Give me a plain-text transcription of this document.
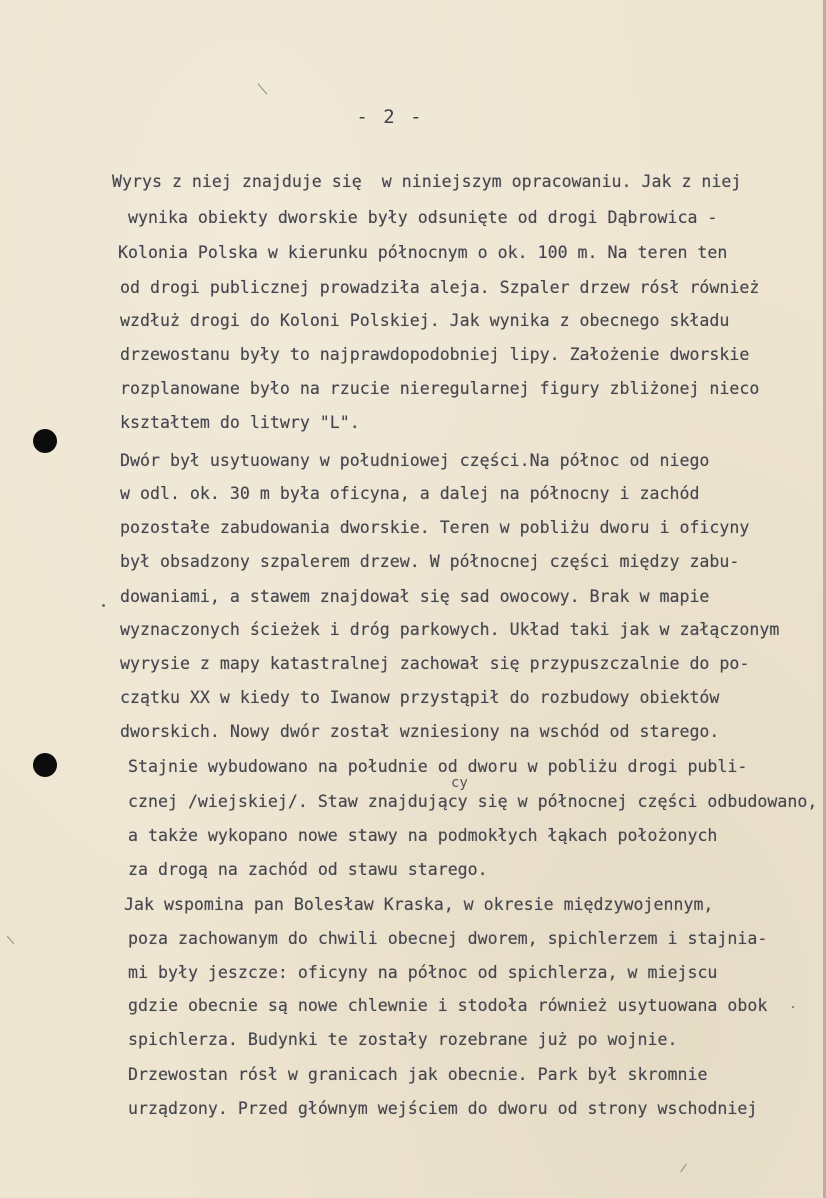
cy
- 2 -
Wyrys z niej znajduje się  w niniejszym opracowaniu. Jak z niej
wynika obiekty dworskie były odsunięte od drogi Dąbrowica -
Kolonia Polska w kierunku północnym o ok. 100 m. Na teren ten
od drogi publicznej prowadziła aleja. Szpaler drzew rósł również
wzdłuż drogi do Koloni Polskiej. Jak wynika z obecnego składu
drzewostanu były to najprawdopodobniej lipy. Założenie dworskie
rozplanowane było na rzucie nieregularnej figury zbliżonej nieco
kształtem do litwry "L".
Dwór był usytuowany w południowej części.Na północ od niego
w odl. ok. 30 m była oficyna, a dalej na północny i zachód
pozostałe zabudowania dworskie. Teren w pobliżu dworu i oficyny
był obsadzony szpalerem drzew. W północnej części między zabu-
dowaniami, a stawem znajdował się sad owocowy. Brak w mapie
wyznaczonych ścieżek i dróg parkowych. Układ taki jak w załączonym
wyrysie z mapy katastralnej zachował się przypuszczalnie do po-
czątku XX w kiedy to Iwanow przystąpił do rozbudowy obiektów
dworskich. Nowy dwór został wzniesiony na wschód od starego.
Stajnie wybudowano na południe od dworu w pobliżu drogi publi-
cznej /wiejskiej/. Staw znajdujący się w północnej części odbudowano,
a także wykopano nowe stawy na podmokłych łąkach położonych
za drogą na zachód od stawu starego.
Jak wspomina pan Bolesław Kraska, w okresie międzywojennym,
poza zachowanym do chwili obecnej dworem, spichlerzem i stajnia-
mi były jeszcze: oficyny na północ od spichlerza, w miejscu
gdzie obecnie są nowe chlewnie i stodoła również usytuowana obok
spichlerza. Budynki te zostały rozebrane już po wojnie.
Drzewostan rósł w granicach jak obecnie. Park był skromnie
urządzony. Przed głównym wejściem do dworu od strony wschodniej
